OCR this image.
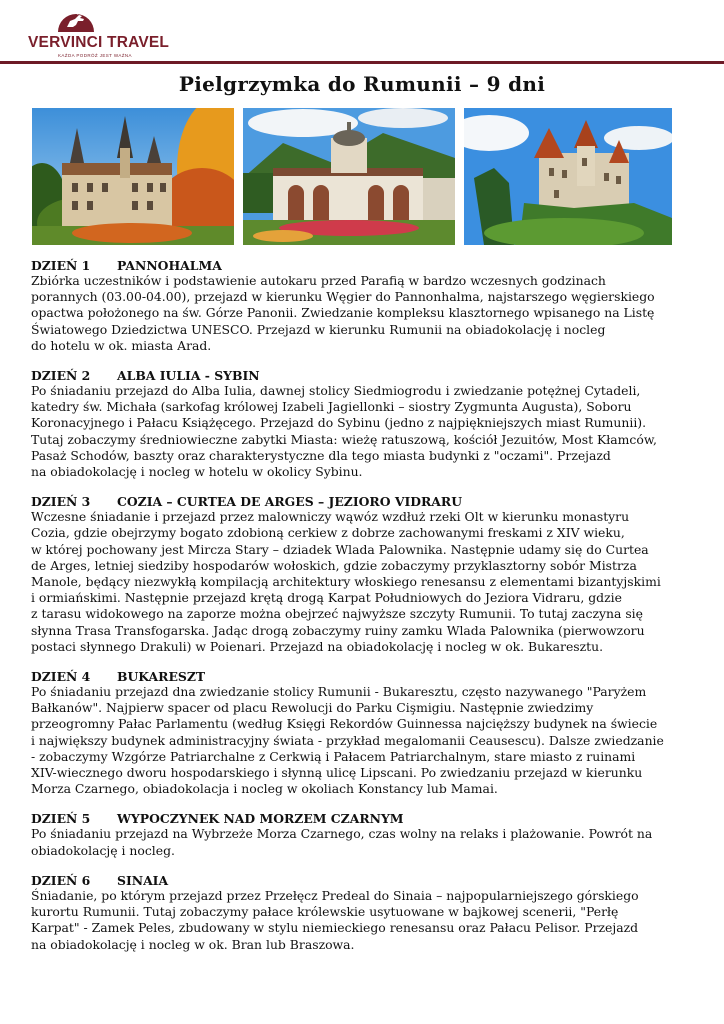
VERVINCI TRAVEL
KAŻDA PODRÓŻ JEST WAŻNA
Pielgrzymka do Rumunii – 9 dni
DZIEŃ 1 PANNOHALMA
Zbiórka uczestników i podstawienie autokaru przed Parafią w bardzo wczesnych godzinach
porannych (03.00-04.00), przejazd w kierunku Węgier do Pannonhalma, najstarszego węgierskiego
opactwa położonego na św. Górze Panonii. Zwiedzanie kompleksu klasztornego wpisanego na Listę
Światowego Dziedzictwa UNESCO. Przejazd w kierunku Rumunii na obiadokolację i nocleg
do hotelu w ok. miasta Arad.
DZIEŃ 2 ALBA IULIA - SYBIN
Po śniadaniu przejazd do Alba Iulia, dawnej stolicy Siedmiogrodu i zwiedzanie potężnej Cytadeli,
katedry św. Michała (sarkofag królowej Izabeli Jagiellonki – siostry Zygmunta Augusta), Soboru
Koronacyjnego i Pałacu Książęcego. Przejazd do Sybinu (jedno z najpiękniejszych miast Rumunii).
Tutaj zobaczymy średniowieczne zabytki Miasta: wieżę ratuszową, kościół Jezuitów, Most Kłamców,
Pasaż Schodów, baszty oraz charakterystyczne dla tego miasta budynki z "oczami". Przejazd
na obiadokolację i nocleg w hotelu w okolicy Sybinu.
DZIEŃ 3 COZIA – CURTEA DE ARGES – JEZIORO VIDRARU
Wczesne śniadanie i przejazd przez malowniczy wąwóz wzdłuż rzeki Olt w kierunku monastyru
Cozia, gdzie obejrzymy bogato zdobioną cerkiew z dobrze zachowanymi freskami z XIV wieku,
w której pochowany jest Mircza Stary – dziadek Wlada Palownika. Następnie udamy się do Curtea
de Arges, letniej siedziby hospodarów wołoskich, gdzie zobaczymy przyklasztorny sobór Mistrza
Manole, będący niezwykłą kompilacją architektury włoskiego renesansu z elementami bizantyjskimi
i ormiańskimi. Następnie przejazd krętą drogą Karpat Południowych do Jeziora Vidraru, gdzie
z tarasu widokowego na zaporze można obejrzeć najwyższe szczyty Rumunii. To tutaj zaczyna się
słynna Trasa Transfogarska. Jadąc drogą zobaczymy ruiny zamku Wlada Palownika (pierwowzoru
postaci słynnego Drakuli) w Poienari. Przejazd na obiadokolację i nocleg w ok. Bukaresztu.
DZIEŃ 4 BUKARESZT
Po śniadaniu przejazd dna zwiedzanie stolicy Rumunii - Bukaresztu, często nazywanego "Paryżem
Bałkanów". Najpierw spacer od placu Rewolucji do Parku Cişmigiu. Następnie zwiedzimy
przeogromny Pałac Parlamentu (według Księgi Rekordów Guinnessa najcięższy budynek na świecie
i największy budynek administracyjny świata - przykład megalomanii Ceausescu). Dalsze zwiedzanie
- zobaczymy Wzgórze Patriarchalne z Cerkwią i Pałacem Patriarchalnym, stare miasto z ruinami
XIV-wiecznego dworu hospodarskiego i słynną ulicę Lipscani. Po zwiedzaniu przejazd w kierunku
Morza Czarnego, obiadokolacja i nocleg w okoliach Konstancy lub Mamai.
DZIEŃ 5 WYPOCZYNEK NAD MORZEM CZARNYM
Po śniadaniu przejazd na Wybrzeże Morza Czarnego, czas wolny na relaks i plażowanie. Powrót na
obiadokolację i nocleg.
DZIEŃ 6 SINAIA
Śniadanie, po którym przejazd przez Przełęcz Predeal do Sinaia – najpopularniejszego górskiego
kurortu Rumunii. Tutaj zobaczymy pałace królewskie usytuowane w bajkowej scenerii, "Perłę
Karpat" - Zamek Peles, zbudowany w stylu niemieckiego renesansu oraz Pałacu Pelisor. Przejazd
na obiadokolację i nocleg w ok. Bran lub Braszowa.
